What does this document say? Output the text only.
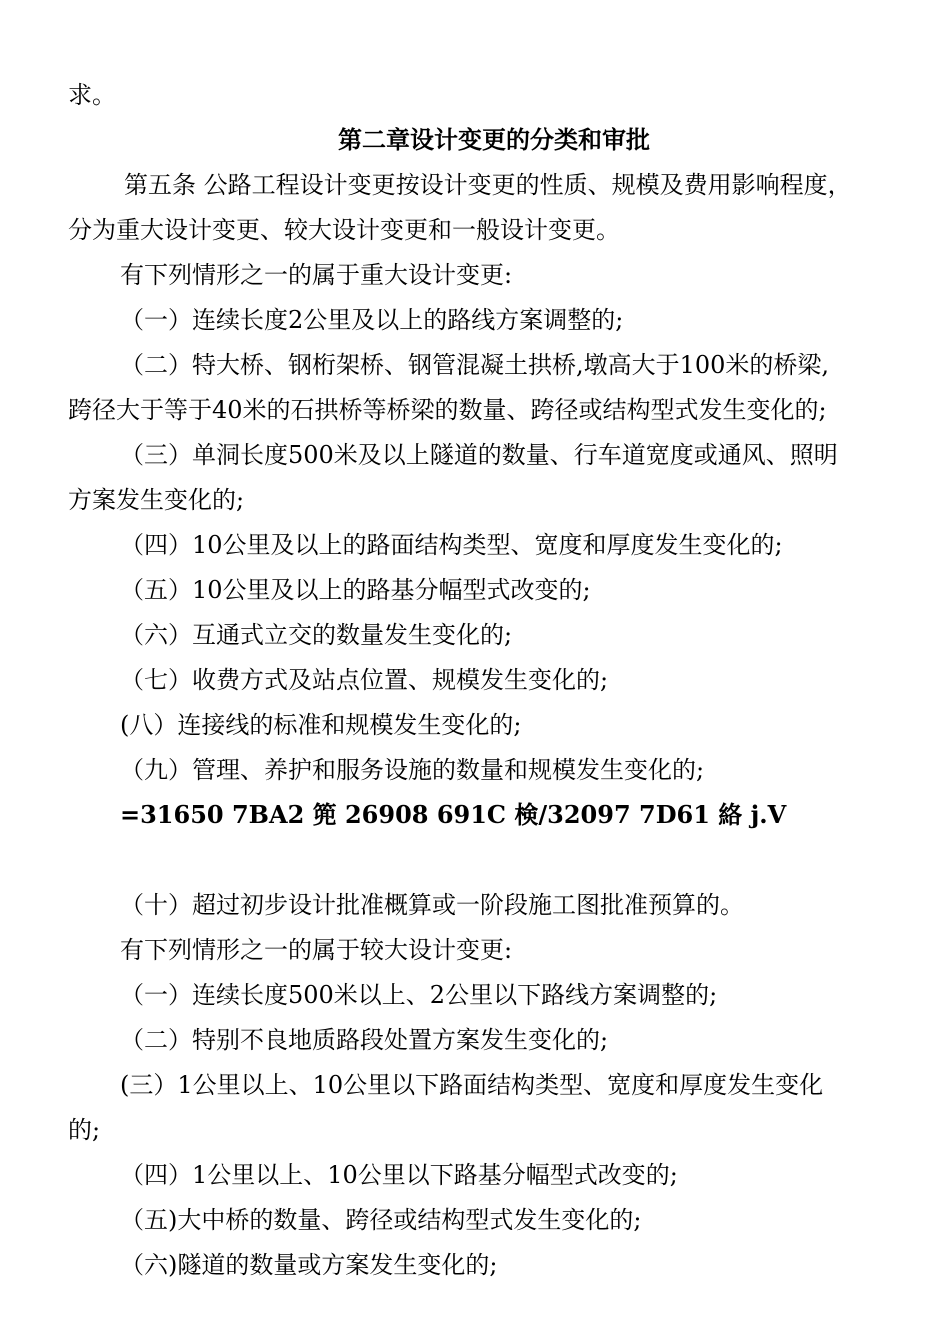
求。
第二章设计变更的分类和审批
第五条 公路工程设计变更按设计变更的性质、规模及费用影响程度，
分为重大设计变更、较大设计变更和一般设计变更。
有下列情形之一的属于重大设计变更:
（一）连续长度2公里及以上的路线方案调整的;
（二）特大桥、钢桁架桥、钢管混凝土拱桥,墩高大于100米的桥梁,
跨径大于等于40米的石拱桥等桥梁的数量、跨径或结构型式发生变化的;
（三）单洞长度500米及以上隧道的数量、行车道宽度或通风、照明
方案发生变化的;
（四）10公里及以上的路面结构类型、宽度和厚度发生变化的;
（五）10公里及以上的路基分幅型式改变的;
（六）互通式立交的数量发生变化的;
（七）收费方式及站点位置、规模发生变化的;
(八）连接线的标准和规模发生变化的;
（九）管理、养护和服务设施的数量和规模发生变化的;
=31650 7BA2 篼 26908 691C 検/32097 7D61 絡 j.V
（十）超过初步设计批准概算或一阶段施工图批准预算的。
有下列情形之一的属于较大设计变更:
（一）连续长度500米以上、2公里以下路线方案调整的;
（二）特别不良地质路段处置方案发生变化的;
(三）1公里以上、10公里以下路面结构类型、宽度和厚度发生变化
的;
（四）1公里以上、10公里以下路基分幅型式改变的;
（五)大中桥的数量、跨径或结构型式发生变化的;
（六)隧道的数量或方案发生变化的;
